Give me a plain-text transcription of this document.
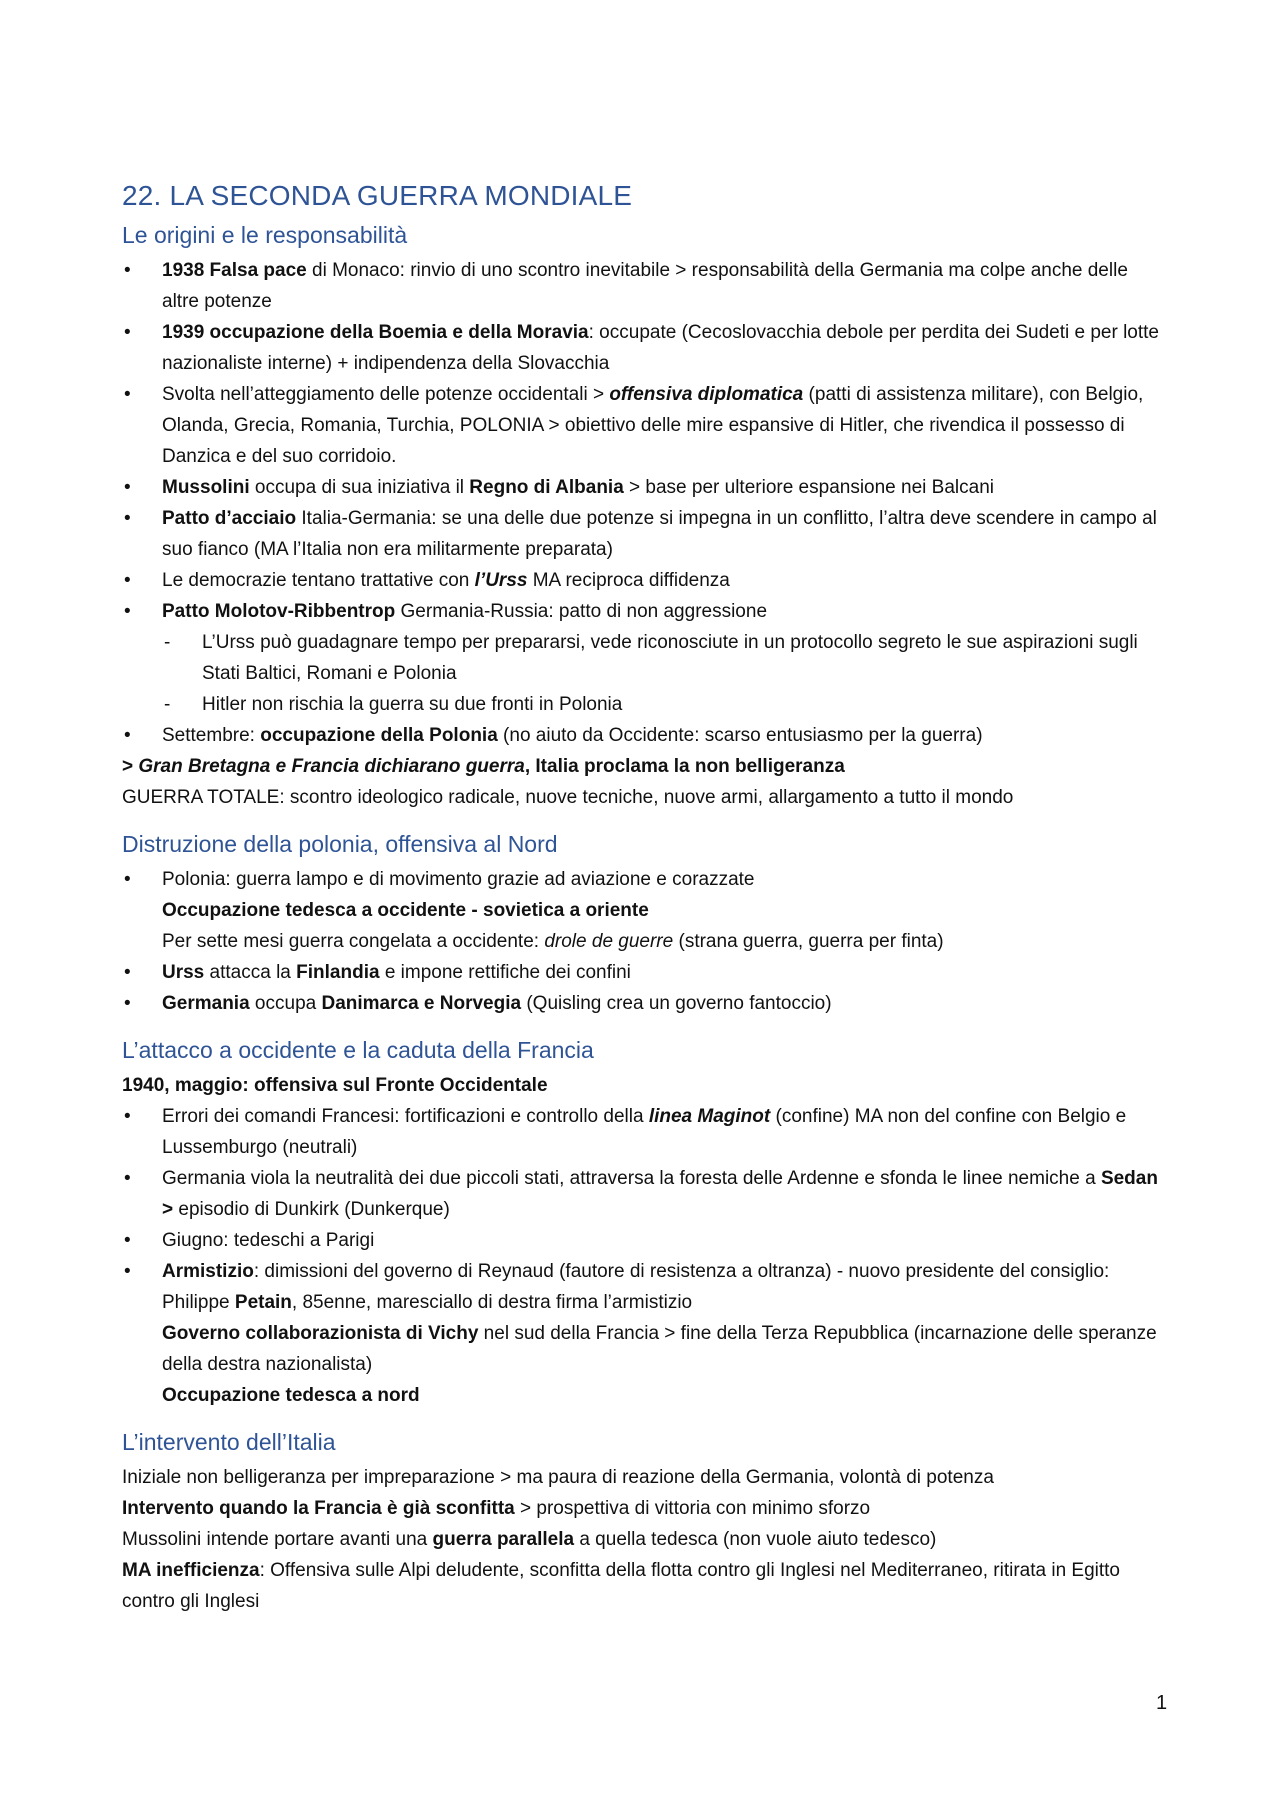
22. LA SECONDA GUERRA MONDIALE
Le origini e le responsabilità
• 1938 Falsa pace di Monaco: rinvio di uno scontro inevitabile > responsabilità della Germania ma colpe anche delle altre potenze
• 1939 occupazione della Boemia e della Moravia: occupate (Cecoslovacchia debole per perdita dei Sudeti e per lotte nazionaliste interne) + indipendenza della Slovacchia
• Svolta nell’atteggiamento delle potenze occidentali > offensiva diplomatica (patti di assistenza militare), con Belgio, Olanda, Grecia, Romania, Turchia, POLONIA > obiettivo delle mire espansive di Hitler, che rivendica il possesso di Danzica e del suo corridoio.
• Mussolini occupa di sua iniziativa il Regno di Albania > base per ulteriore espansione nei Balcani
• Patto d’acciaio Italia-Germania: se una delle due potenze si impegna in un conflitto, l’altra deve scendere in campo al suo fianco (MA l’Italia non era militarmente preparata)
• Le democrazie tentano trattative con l’Urss MA reciproca diffidenza
• Patto Molotov-Ribbentrop Germania-Russia: patto di non aggressione
- L’Urss può guadagnare tempo per prepararsi, vede riconosciute in un protocollo segreto le sue aspirazioni sugli Stati Baltici, Romani e Polonia
- Hitler non rischia la guerra su due fronti in Polonia
• Settembre: occupazione della Polonia (no aiuto da Occidente: scarso entusiasmo per la guerra)
> Gran Bretagna e Francia dichiarano guerra, Italia proclama la non belligeranza
GUERRA TOTALE: scontro ideologico radicale, nuove tecniche, nuove armi, allargamento a tutto il mondo
Distruzione della polonia, offensiva al Nord
• Polonia: guerra lampo e di movimento grazie ad aviazione e corazzate
Occupazione tedesca a occidente - sovietica a oriente
Per sette mesi guerra congelata a occidente: drole de guerre (strana guerra, guerra per finta)
• Urss attacca la Finlandia e impone rettifiche dei confini
• Germania occupa Danimarca e Norvegia (Quisling crea un governo fantoccio)
L’attacco a occidente e la caduta della Francia
1940, maggio: offensiva sul Fronte Occidentale
• Errori dei comandi Francesi: fortificazioni e controllo della linea Maginot (confine) MA non del confine con Belgio e Lussemburgo (neutrali)
• Germania viola la neutralità dei due piccoli stati, attraversa la foresta delle Ardenne e sfonda le linee nemiche a Sedan > episodio di Dunkirk (Dunkerque)
• Giugno: tedeschi a Parigi
• Armistizio: dimissioni del governo di Reynaud (fautore di resistenza a oltranza) - nuovo presidente del consiglio: Philippe Petain, 85enne, maresciallo di destra firma l’armistizio
Governo collaborazionista di Vichy nel sud della Francia > fine della Terza Repubblica (incarnazione delle speranze della destra nazionalista)
Occupazione tedesca a nord
L’intervento dell’Italia
Iniziale non belligeranza per impreparazione > ma paura di reazione della Germania, volontà di potenza
Intervento quando la Francia è già sconfitta > prospettiva di vittoria con minimo sforzo
Mussolini intende portare avanti una guerra parallela a quella tedesca (non vuole aiuto tedesco)
MA inefficienza: Offensiva sulle Alpi deludente, sconfitta della flotta contro gli Inglesi nel Mediterraneo, ritirata in Egitto contro gli Inglesi
1
